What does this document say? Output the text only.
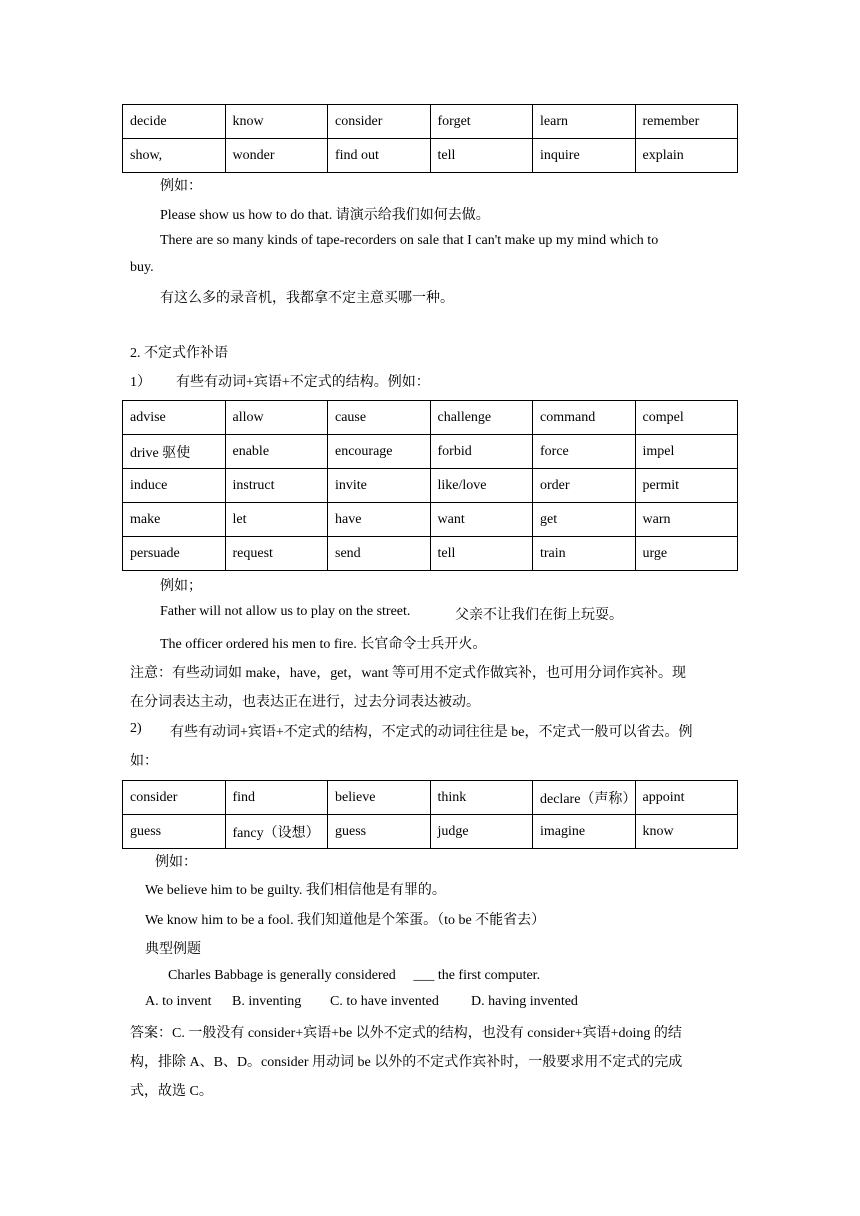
decide	know	consider	forget	learn	remember
show,	wonder	find out	tell	inquire	explain
例如：
Please show us how to do that. 请演示给我们如何去做。
There are so many kinds of tape-recorders on sale that I can't make up my mind which to
buy.
有这么多的录音机，我都拿不定主意买哪一种。
2. 不定式作补语
1） 有些有动词+宾语+不定式的结构。例如：
advise	allow	cause	challenge	command	compel
drive 驱使	enable	encourage	forbid	force	impel
induce	instruct	invite	like/love	order	permit
make	let	have	want	get	warn
persuade	request	send	tell	train	urge
例如；
Father will not allow us to play on the street.	父亲不让我们在街上玩耍。
The officer ordered his men to fire. 长官命令士兵开火。
注意：有些动词如 make，have，get，want 等可用不定式作做宾补，也可用分词作宾补。现
在分词表达主动，也表达正在进行，过去分词表达被动。
2) 有些有动词+宾语+不定式的结构，不定式的动词往往是 be，不定式一般可以省去。例
如：
consider	find	believe	think	declare（声称）	appoint
guess	fancy（设想）	guess	judge	imagine	know
例如：
We believe him to be guilty. 我们相信他是有罪的。
We know him to be a fool. 我们知道他是个笨蛋。（to be 不能省去）
典型例题
Charles Babbage is generally considered ___ the first computer.
A. to invent B. inventing C. to have invented D. having invented
答案：C. 一般没有 consider+宾语+be 以外不定式的结构，也没有 consider+宾语+doing 的结
构，排除 A、B、D。consider 用动词 be 以外的不定式作宾补时，一般要求用不定式的完成
式，故选 C。
